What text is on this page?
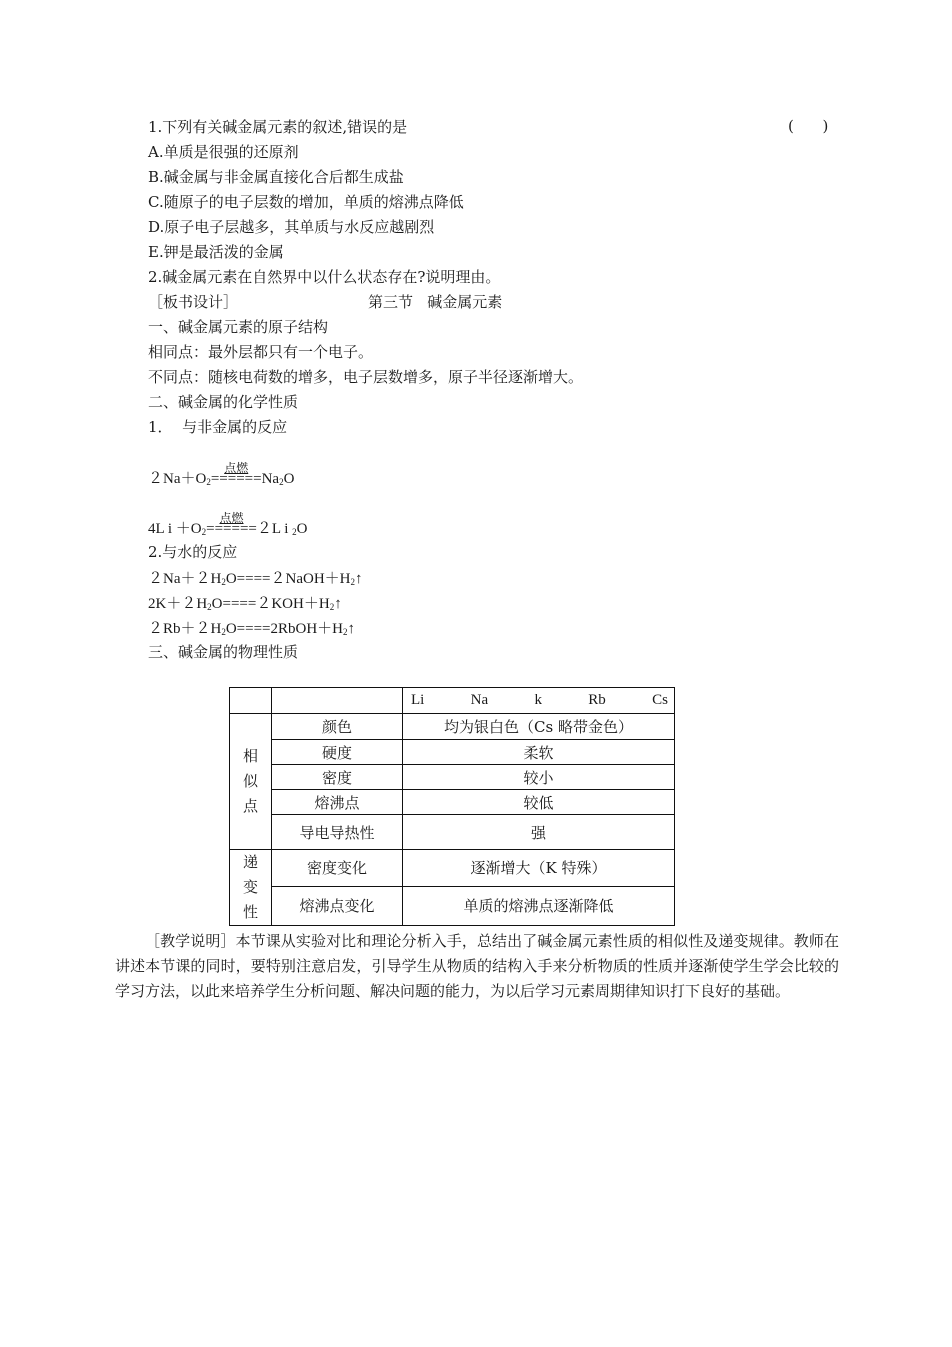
1.下列有关碱金属元素的叙述,错误的是	(      )
A.单质是很强的还原剂
B.碱金属与非金属直接化合后都生成盐
C.随原子的电子层数的增加，单质的熔沸点降低
D.原子电子层越多，其单质与水反应越剧烈
E.钾是最活泼的金属
2.碱金属元素在自然界中以什么状态存在?说明理由。
［板书设计］	第三节   碱金属元素
一、碱金属元素的原子结构
相同点：最外层都只有一个电子。
不同点：随核电荷数的增多，电子层数增多，原子半径逐渐增大。
二、碱金属的化学性质
1．  与非金属的反应
$2Na+O_2$
点燃
$======Na_2O$
4L $i +O_2$
点燃
======２L i $_2$O
2.与水的反应
$2Na+2H_2O====2NaOH+H_2↑$
$2K+2H_2O====2KOH+H_2↑$
$2Rb+2H_2O====2RbOH+H_2↑$
三、碱金属的物理性质

		Li Na k Rb Cs

相
似
点	颜色	均为银白色（Cs 略带金色）
	硬度	柔软
	密度	较小
	熔沸点	较低
	导电导热性	强

递
变
性	密度变化	逐渐增大（K 特殊）
	熔沸点变化	单质的熔沸点逐渐降低
［教学说明］本节课从实验对比和理论分析入手，总结出了碱金属元素性质的相似性及递变规律。教师在讲述本节课的同时，要特别注意启发，引导学生从物质的结构入手来分析物质的性质并逐渐使学生学会比较的学习方法，以此来培养学生分析问题、解决问题的能力，为以后学习元素周期律知识打下良好的基础。
